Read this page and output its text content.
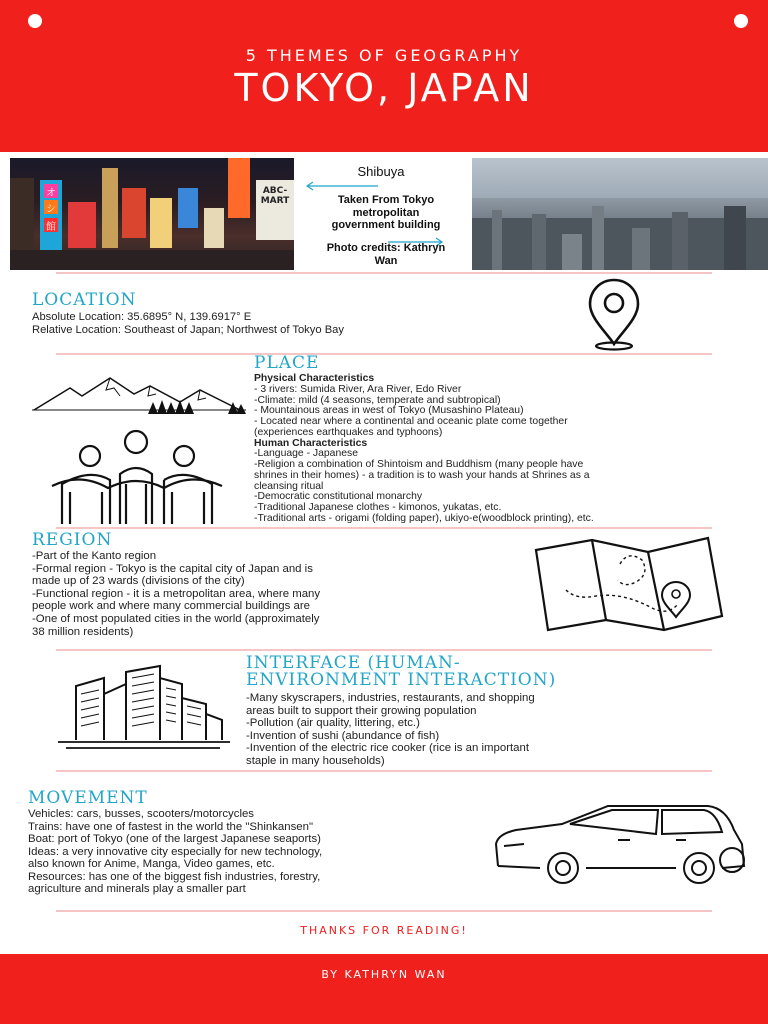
5 THEMES OF GEOGRAPHY
TOKYO, JAPAN
オ
シ
館
ABC-MART
Shibuya
Taken From Tokyo
metropolitan
government building
Photo credits: Kathryn
Wan
LOCATION
Absolute Location: 35.6895° N, 139.6917° E
Relative Location: Southeast of Japan; Northwest of Tokyo Bay
PLACE
Physical Characteristics
- 3 rivers: Sumida River, Ara River, Edo River
-Climate: mild (4 seasons, temperate and subtropical)
- Mountainous areas in west of Tokyo (Musashino Plateau)
- Located near where a continental and oceanic plate come together
(experiences earthquakes and typhoons)
Human Characteristics
-Language - Japanese
-Religion a combination of Shintoism and Buddhism (many people have
shrines in their homes) - a tradition is to wash your hands at Shrines as a
cleansing ritual
-Democratic constitutional monarchy
-Traditional Japanese clothes - kimonos, yukatas, etc.
-Traditional arts - origami (folding paper), ukiyo-e(woodblock printing), etc.
REGION
-Part of the Kanto region
-Formal region - Tokyo is the capital city of Japan and is
made up of 23 wards (divisions of the city)
-Functional region - it is a metropolitan area, where many
people work and where many commercial buildings are
-One of most populated cities in the world (approximately
38 million residents)
INTERFACE (HUMAN-
ENVIRONMENT INTERACTION)
-Many skyscrapers, industries, restaurants, and shopping
areas built to support their growing population
-Pollution (air quality, littering, etc.)
-Invention of sushi (abundance of fish)
-Invention of the electric rice cooker (rice is an important
staple in many households)
MOVEMENT
Vehicles: cars, busses, scooters/motorcycles
Trains: have one of fastest in the world the "Shinkansen"
Boat: port of Tokyo (one of the largest Japanese seaports)
Ideas: a very innovative city especially for new technology,
also known for Anime, Manga, Video games, etc.
Resources: has one of the biggest fish industries, forestry,
agriculture and minerals play a smaller part
THANKS FOR READING!
BY KATHRYN WAN
